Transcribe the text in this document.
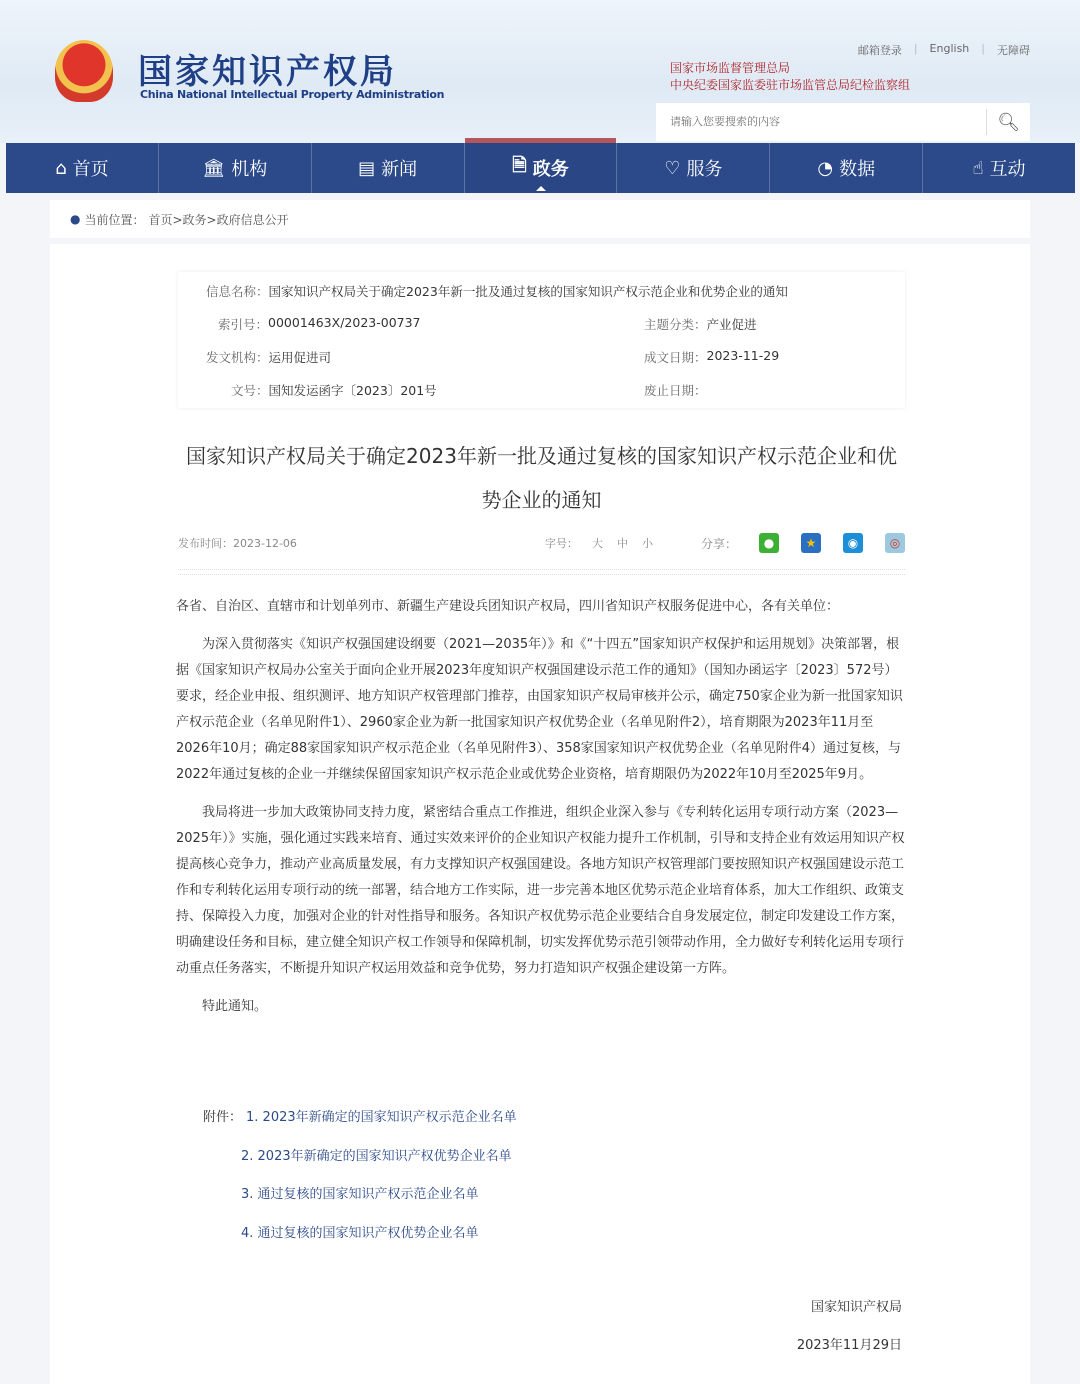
国家知识产权局
China National Intellectual Property Administration
邮箱登录 | English | 无障碍
国家市场监督管理总局
中央纪委国家监委驻市场监管总局纪检监察组
请输入您要搜索的内容
🔍︎
⌂ 首页	🏛 机构	▤ 新闻	🗎 政务	♡ 服务	◔ 数据	☝ 互动
● 当前位置： 首页>政务>政府信息公开
信息名称： 国家知识产权局关于确定2023年新一批及通过复核的国家知识产权示范企业和优势企业的通知
索引号： 00001463X/2023-00737	主题分类： 产业促进
发文机构： 运用促进司	成文日期： 2023-11-29
文号： 国知发运函字〔2023〕201号	废止日期：
国家知识产权局关于确定2023年新一批及通过复核的国家知识产权示范企业和优势企业的通知
发布时间： 2023-12-06	字号： 大 中 小	分享：	●	★	◉	◎

各省、自治区、直辖市和计划单列市、新疆生产建设兵团知识产权局，四川省知识产权服务促进中心，各有关单位：

为深入贯彻落实《知识产权强国建设纲要（2021—2035年）》和《“十四五”国家知识产权保护和运用规划》决策部署，根据《国家知识产权局办公室关于面向企业开展2023年度知识产权强国建设示范工作的通知》（国知办函运字〔2023〕572号）要求，经企业申报、组织测评、地方知识产权管理部门推荐，由国家知识产权局审核并公示，确定750家企业为新一批国家知识产权示范企业（名单见附件1）、2960家企业为新一批国家知识产权优势企业（名单见附件2），培育期限为2023年11月至2026年10月；确定88家国家知识产权示范企业（名单见附件3）、358家国家知识产权优势企业（名单见附件4）通过复核，与2022年通过复核的企业一并继续保留国家知识产权示范企业或优势企业资格，培育期限仍为2022年10月至2025年9月。

我局将进一步加大政策协同支持力度，紧密结合重点工作推进，组织企业深入参与《专利转化运用专项行动方案（2023—2025年）》实施，强化通过实践来培育、通过实效来评价的企业知识产权能力提升工作机制，引导和支持企业有效运用知识产权提高核心竞争力，推动产业高质量发展，有力支撑知识产权强国建设。各地方知识产权管理部门要按照知识产权强国建设示范工作和专利转化运用专项行动的统一部署，结合地方工作实际，进一步完善本地区优势示范企业培育体系，加大工作组织、政策支持、保障投入力度，加强对企业的针对性指导和服务。各知识产权优势示范企业要结合自身发展定位，制定印发建设工作方案，明确建设任务和目标，建立健全知识产权工作领导和保障机制，切实发挥优势示范引领带动作用，全力做好专利转化运用专项行动重点任务落实，不断提升知识产权运用效益和竞争优势，努力打造知识产权强企建设第一方阵。

特此通知。

附件： 1. 2023年新确定的国家知识产权示范企业名单
2. 2023年新确定的国家知识产权优势企业名单
3. 通过复核的国家知识产权示范企业名单
4. 通过复核的国家知识产权优势企业名单
国家知识产权局
2023年11月29日
